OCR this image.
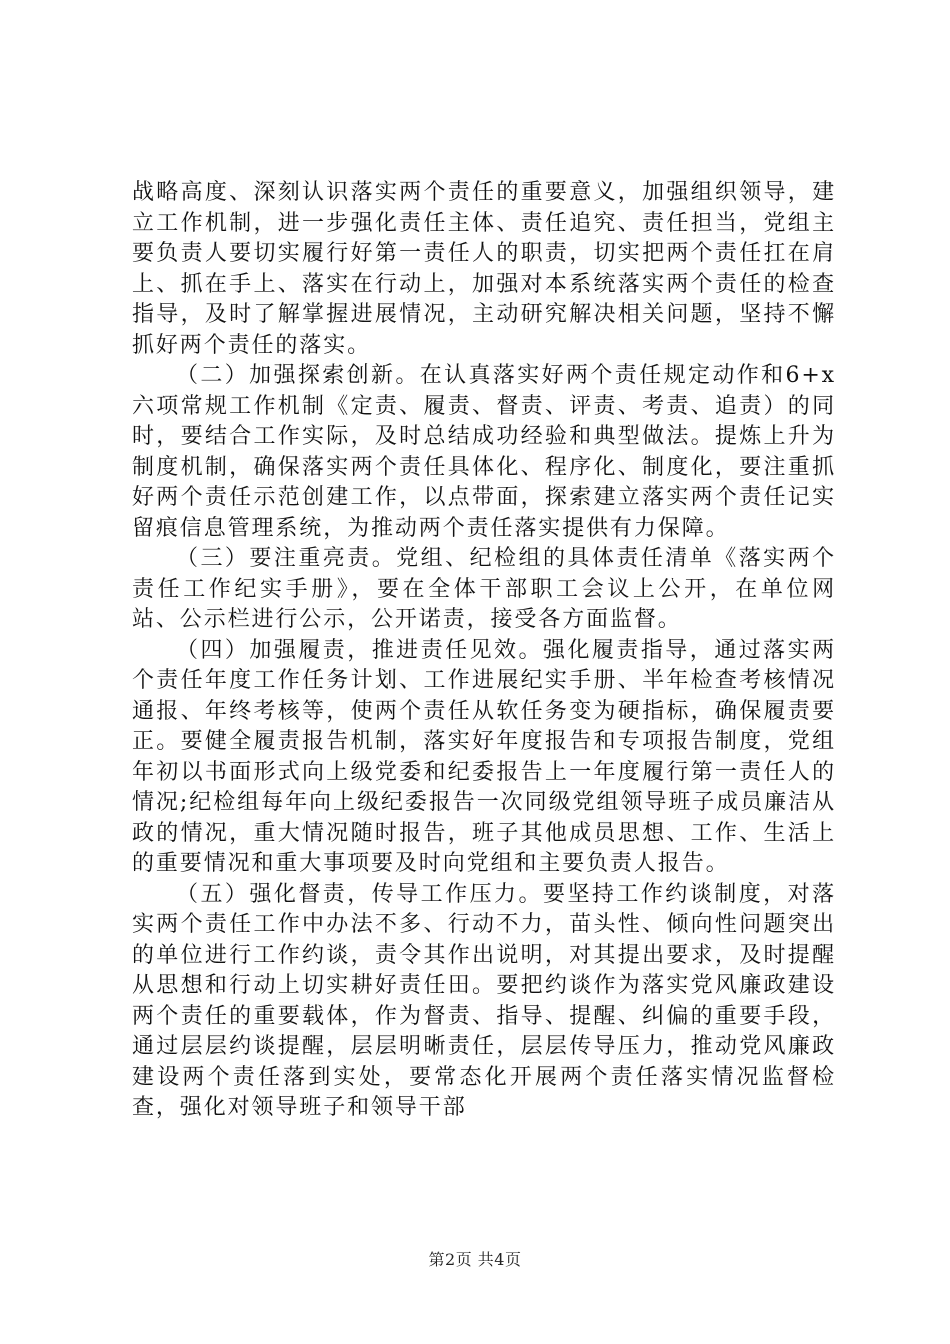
战略高度、深刻认识落实两个责任的重要意义，加强组织领导，建立工作机制，进一步强化责任主体、责任追究、责任担当，党组主要负责人要切实履行好第一责任人的职责，切实把两个责任扛在肩上、抓在手上、落实在行动上，加强对本系统落实两个责任的检查指导，及时了解掌握进展情况，主动研究解决相关问题，坚持不懈抓好两个责任的落实。

（二）加强探索创新。在认真落实好两个责任规定动作和6+x六项常规工作机制《定责、履责、督责、评责、考责、追责）的同时，要结合工作实际，及时总结成功经验和典型做法。提炼上升为制度机制，确保落实两个责任具体化、程序化、制度化，要注重抓好两个责任示范创建工作，以点带面，探索建立落实两个责任记实留痕信息管理系统，为推动两个责任落实提供有力保障。

（三）要注重亮责。党组、纪检组的具体责任清单《落实两个责任工作纪实手册》，要在全体干部职工会议上公开，在单位网站、公示栏进行公示，公开诺责，接受各方面监督。

（四）加强履责，推进责任见效。强化履责指导，通过落实两个责任年度工作任务计划、工作进展纪实手册、半年检查考核情况通报、年终考核等，使两个责任从软任务变为硬指标，确保履责要正。要健全履责报告机制，落实好年度报告和专项报告制度，党组年初以书面形式向上级党委和纪委报告上一年度履行第一责任人的情况;纪检组每年向上级纪委报告一次同级党组领导班子成员廉洁从政的情况，重大情况随时报告，班子其他成员思想、工作、生活上的重要情况和重大事项要及时向党组和主要负责人报告。

（五）强化督责，传导工作压力。要坚持工作约谈制度，对落实两个责任工作中办法不多、行动不力，苗头性、倾向性问题突出的单位进行工作约谈，责令其作出说明，对其提出要求，及时提醒从思想和行动上切实耕好责任田。要把约谈作为落实党风廉政建设两个责任的重要载体，作为督责、指导、提醒、纠偏的重要手段，通过层层约谈提醒，层层明晰责任，层层传导压力，推动党风廉政建设两个责任落到实处，要常态化开展两个责任落实情况监督检查，强化对领导班子和领导干部

第2页 共4页
